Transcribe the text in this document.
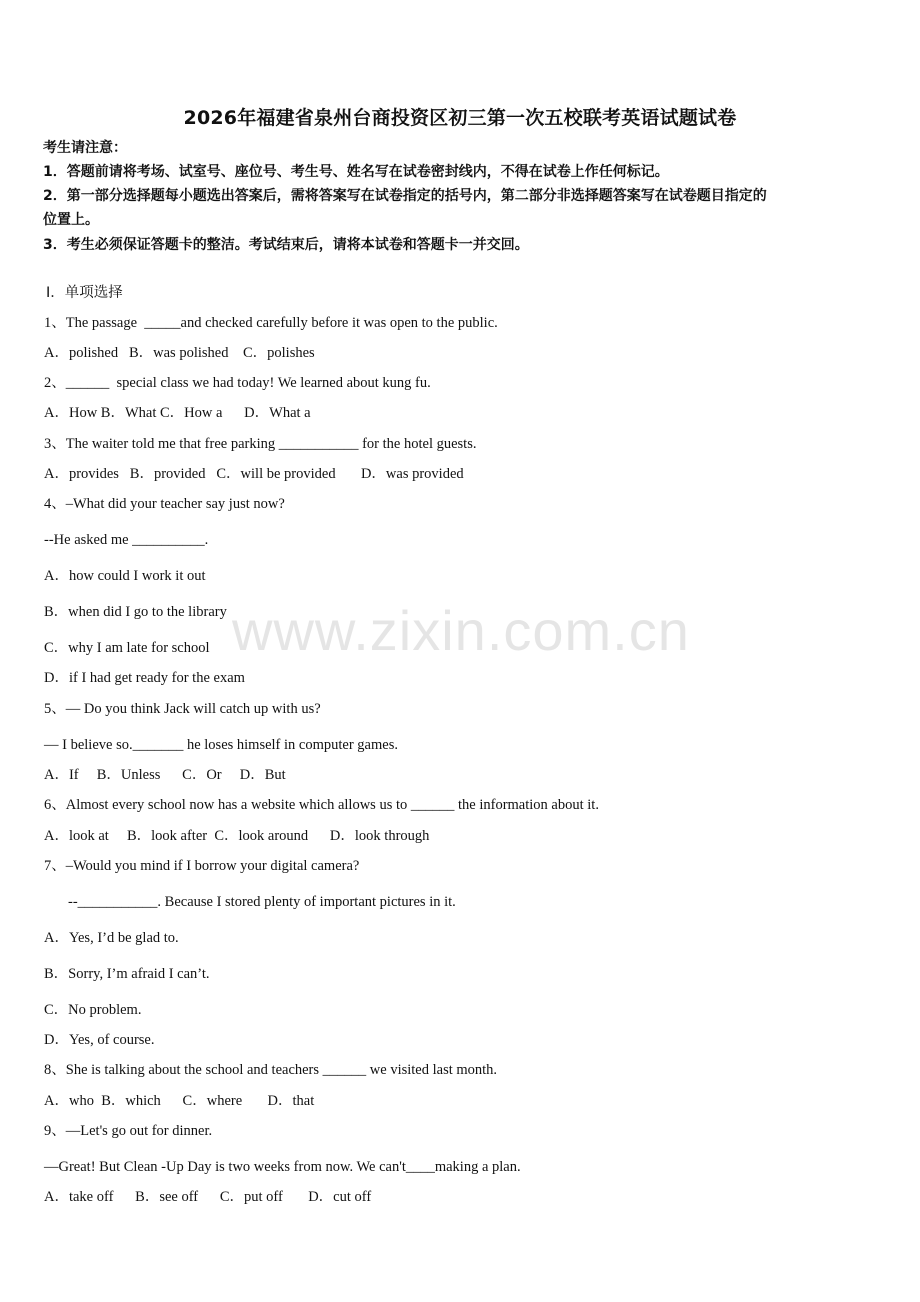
2026年福建省泉州台商投资区初三第一次五校联考英语试题试卷
考生请注意：
1．答题前请将考场、试室号、座位号、考生号、姓名写在试卷密封线内，不得在试卷上作任何标记。
2．第一部分选择题每小题选出答案后，需将答案写在试卷指定的括号内，第二部分非选择题答案写在试卷题目指定的
位置上。
3．考生必须保证答题卡的整洁。考试结束后，请将本试卷和答题卡一并交回。
Ⅰ．单项选择
1、The passage  _____and checked carefully before it was open to the public.
A．polished   B．was polished    C．polishes
2、______  special class we had today! We learned about kung fu.
A．How B．What C．How a      D．What a
3、The waiter told me that free parking ___________ for the hotel guests.
A．provides   B．provided   C．will be provided       D．was provided
4、–What did your teacher say just now?
--He asked me __________.
A．how could I work it out
B．when did I go to the library
C．why I am late for school
D．if I had get ready for the exam
5、— Do you think Jack will catch up with us?
— I believe so._______ he loses himself in computer games.
A．If     B．Unless      C．Or     D．But
6、Almost every school now has a website which allows us to ______ the information about it.
A．look at     B．look after  C．look around      D．look through
7、–Would you mind if I borrow your digital camera?
--___________. Because I stored plenty of important pictures in it.
A．Yes, I’d be glad to.
B．Sorry, I’m afraid I can’t.
C．No problem.
D．Yes, of course.
8、She is talking about the school and teachers ______ we visited last month.
A．who  B．which      C．where       D．that
9、—Let's go out for dinner.
—Great! But Clean -Up Day is two weeks from now. We can't____making a plan.
A．take off      B．see off      C．put off       D．cut off
www.zixin.com.cn
